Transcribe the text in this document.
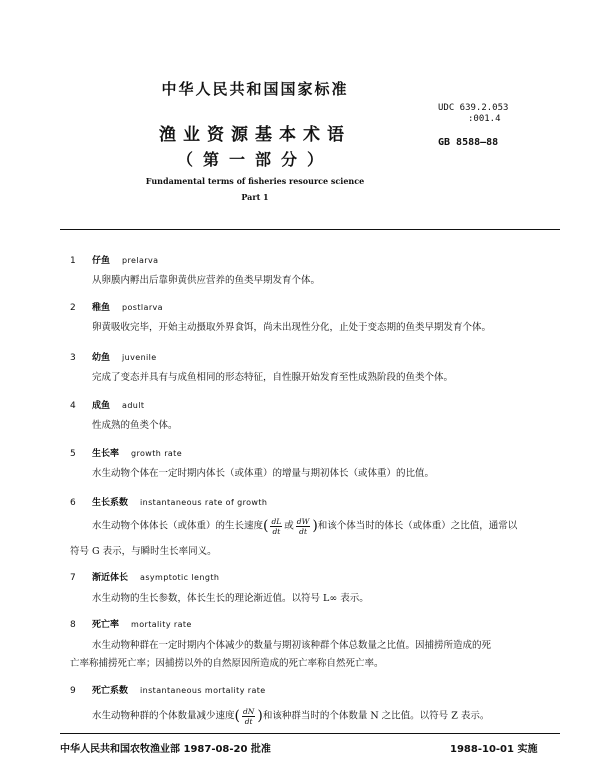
中华人民共和国国家标准
渔业资源基本术语
（第一部分）
Fundamental terms of fisheries resource science
Part 1
UDC 639.2.053
:001.4
GB 8588—88
1 仔鱼 prelarva
从卵膜内孵出后靠卵黄供应营养的鱼类早期发育个体。
2 稚鱼 postlarva
卵黄吸收完毕，开始主动摄取外界食饵，尚未出现性分化，止处于变态期的鱼类早期发育个体。
3 幼鱼 juvenile
完成了变态并具有与成鱼相同的形态特征，自性腺开始发育至性成熟阶段的鱼类个体。
4 成鱼 adult
性成熟的鱼类个体。
5 生长率 growth rate
水生动物个体在一定时期内体长（或体重）的增量与期初体长（或体重）的比值。
6 生长系数 instantaneous rate of growth
水生动物个体体长（或体重）的生长速度( $\frac{dL}{dt}$ 或 $\frac{dW}{dt}$ )和该个体当时的体长（或体重）之比值，通常以
符号 G 表示，与瞬时生长率同义。
7 渐近体长 asymptotic length
水生动物的生长参数，体长生长的理论渐近值。以符号 L∞ 表示。
8 死亡率 mortality rate
水生动物种群在一定时期内个体减少的数量与期初该种群个体总数量之比值。因捕捞所造成的死
亡率称捕捞死亡率；因捕捞以外的自然原因所造成的死亡率称自然死亡率。
9 死亡系数 instantaneous mortality rate
水生动物种群的个体数量减少速度( $\frac{dN}{dt}$ )和该种群当时的个体数量 N 之比值。以符号 Z 表示。
中华人民共和国农牧渔业部 1987-08-20 批准	1988-10-01 实施
